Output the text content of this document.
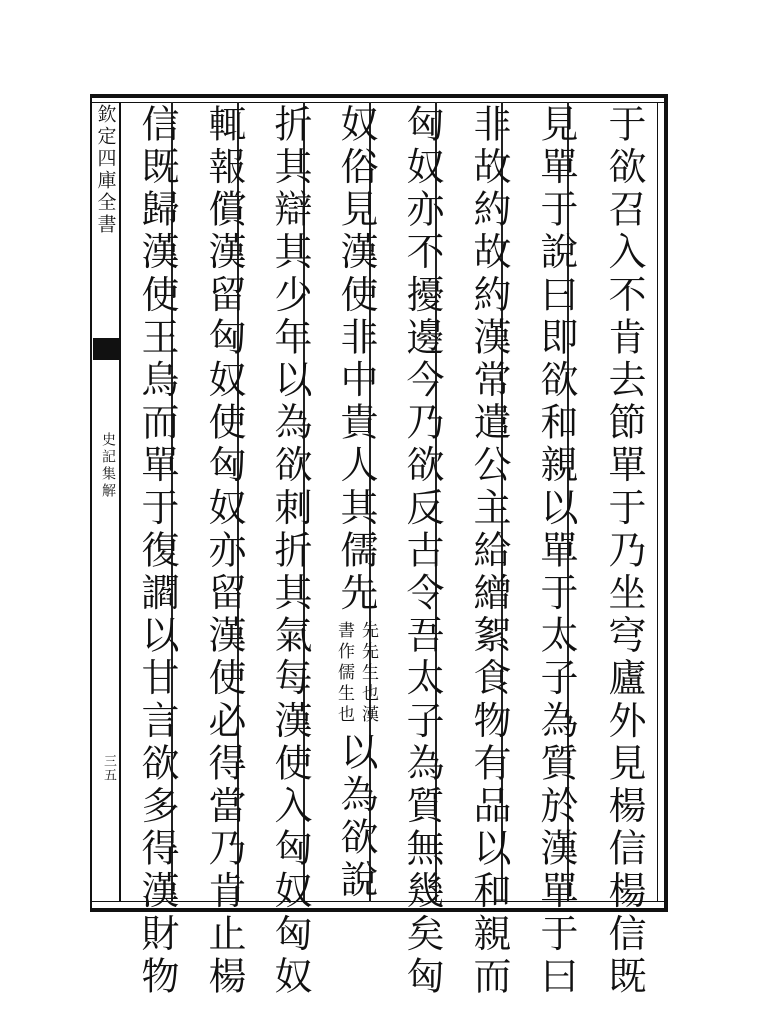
欽定四庫全書
史記集解
三五	于欲召入不肯去節單于乃坐穹廬外見楊信楊信既
見單于說曰即欲和親以單于太子為質於漢單于曰
非故約故約漢常遣公主給繒絮食物有品以和親而
匈奴亦不擾邊今乃欲反古令吾太子為質無幾矣匈
奴俗見漢使非中貴人其儒先
先先生也漢
書作儒生也
以為欲說
折其辯其少年以為欲刺折其氣每漢使入匈奴匈奴
輒報償漢留匈奴使匈奴亦留漢使必得當乃肯止楊
信既歸漢使王烏而單于復讇以甘言欲多得漢財物
